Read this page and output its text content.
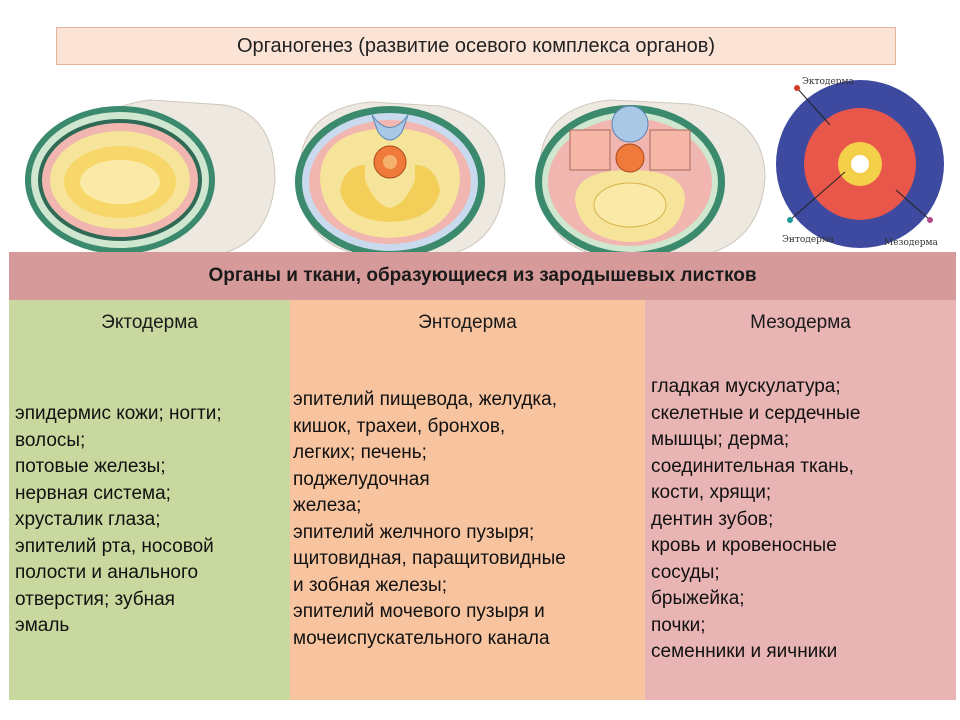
Органогенез (развитие осевого комплекса органов)
Эктодерма
Энтодерма	Мезодерма
Органы и ткани, образующиеся из зародышевых листков
Эктодерма
эпидермис кожи; ногти;
волосы;
потовые железы;
нервная система;
хрусталик глаза;
эпителий рта, носовой
полости и анального
отверстия; зубная
эмаль
Энтодерма
эпителий пищевода, желудка,
кишок, трахеи, бронхов,
легких; печень;
поджелудочная
железа;
эпителий желчного пузыря;
щитовидная, паращитовидные
и зобная железы;
эпителий мочевого пузыря и
мочеиспускательного канала
Мезодерма
гладкая мускулатура;
скелетные и сердечные
мышцы; дерма;
соединительная ткань,
кости, хрящи;
дентин зубов;
кровь и кровеносные
сосуды;
брыжейка;
почки;
семенники и яичники
